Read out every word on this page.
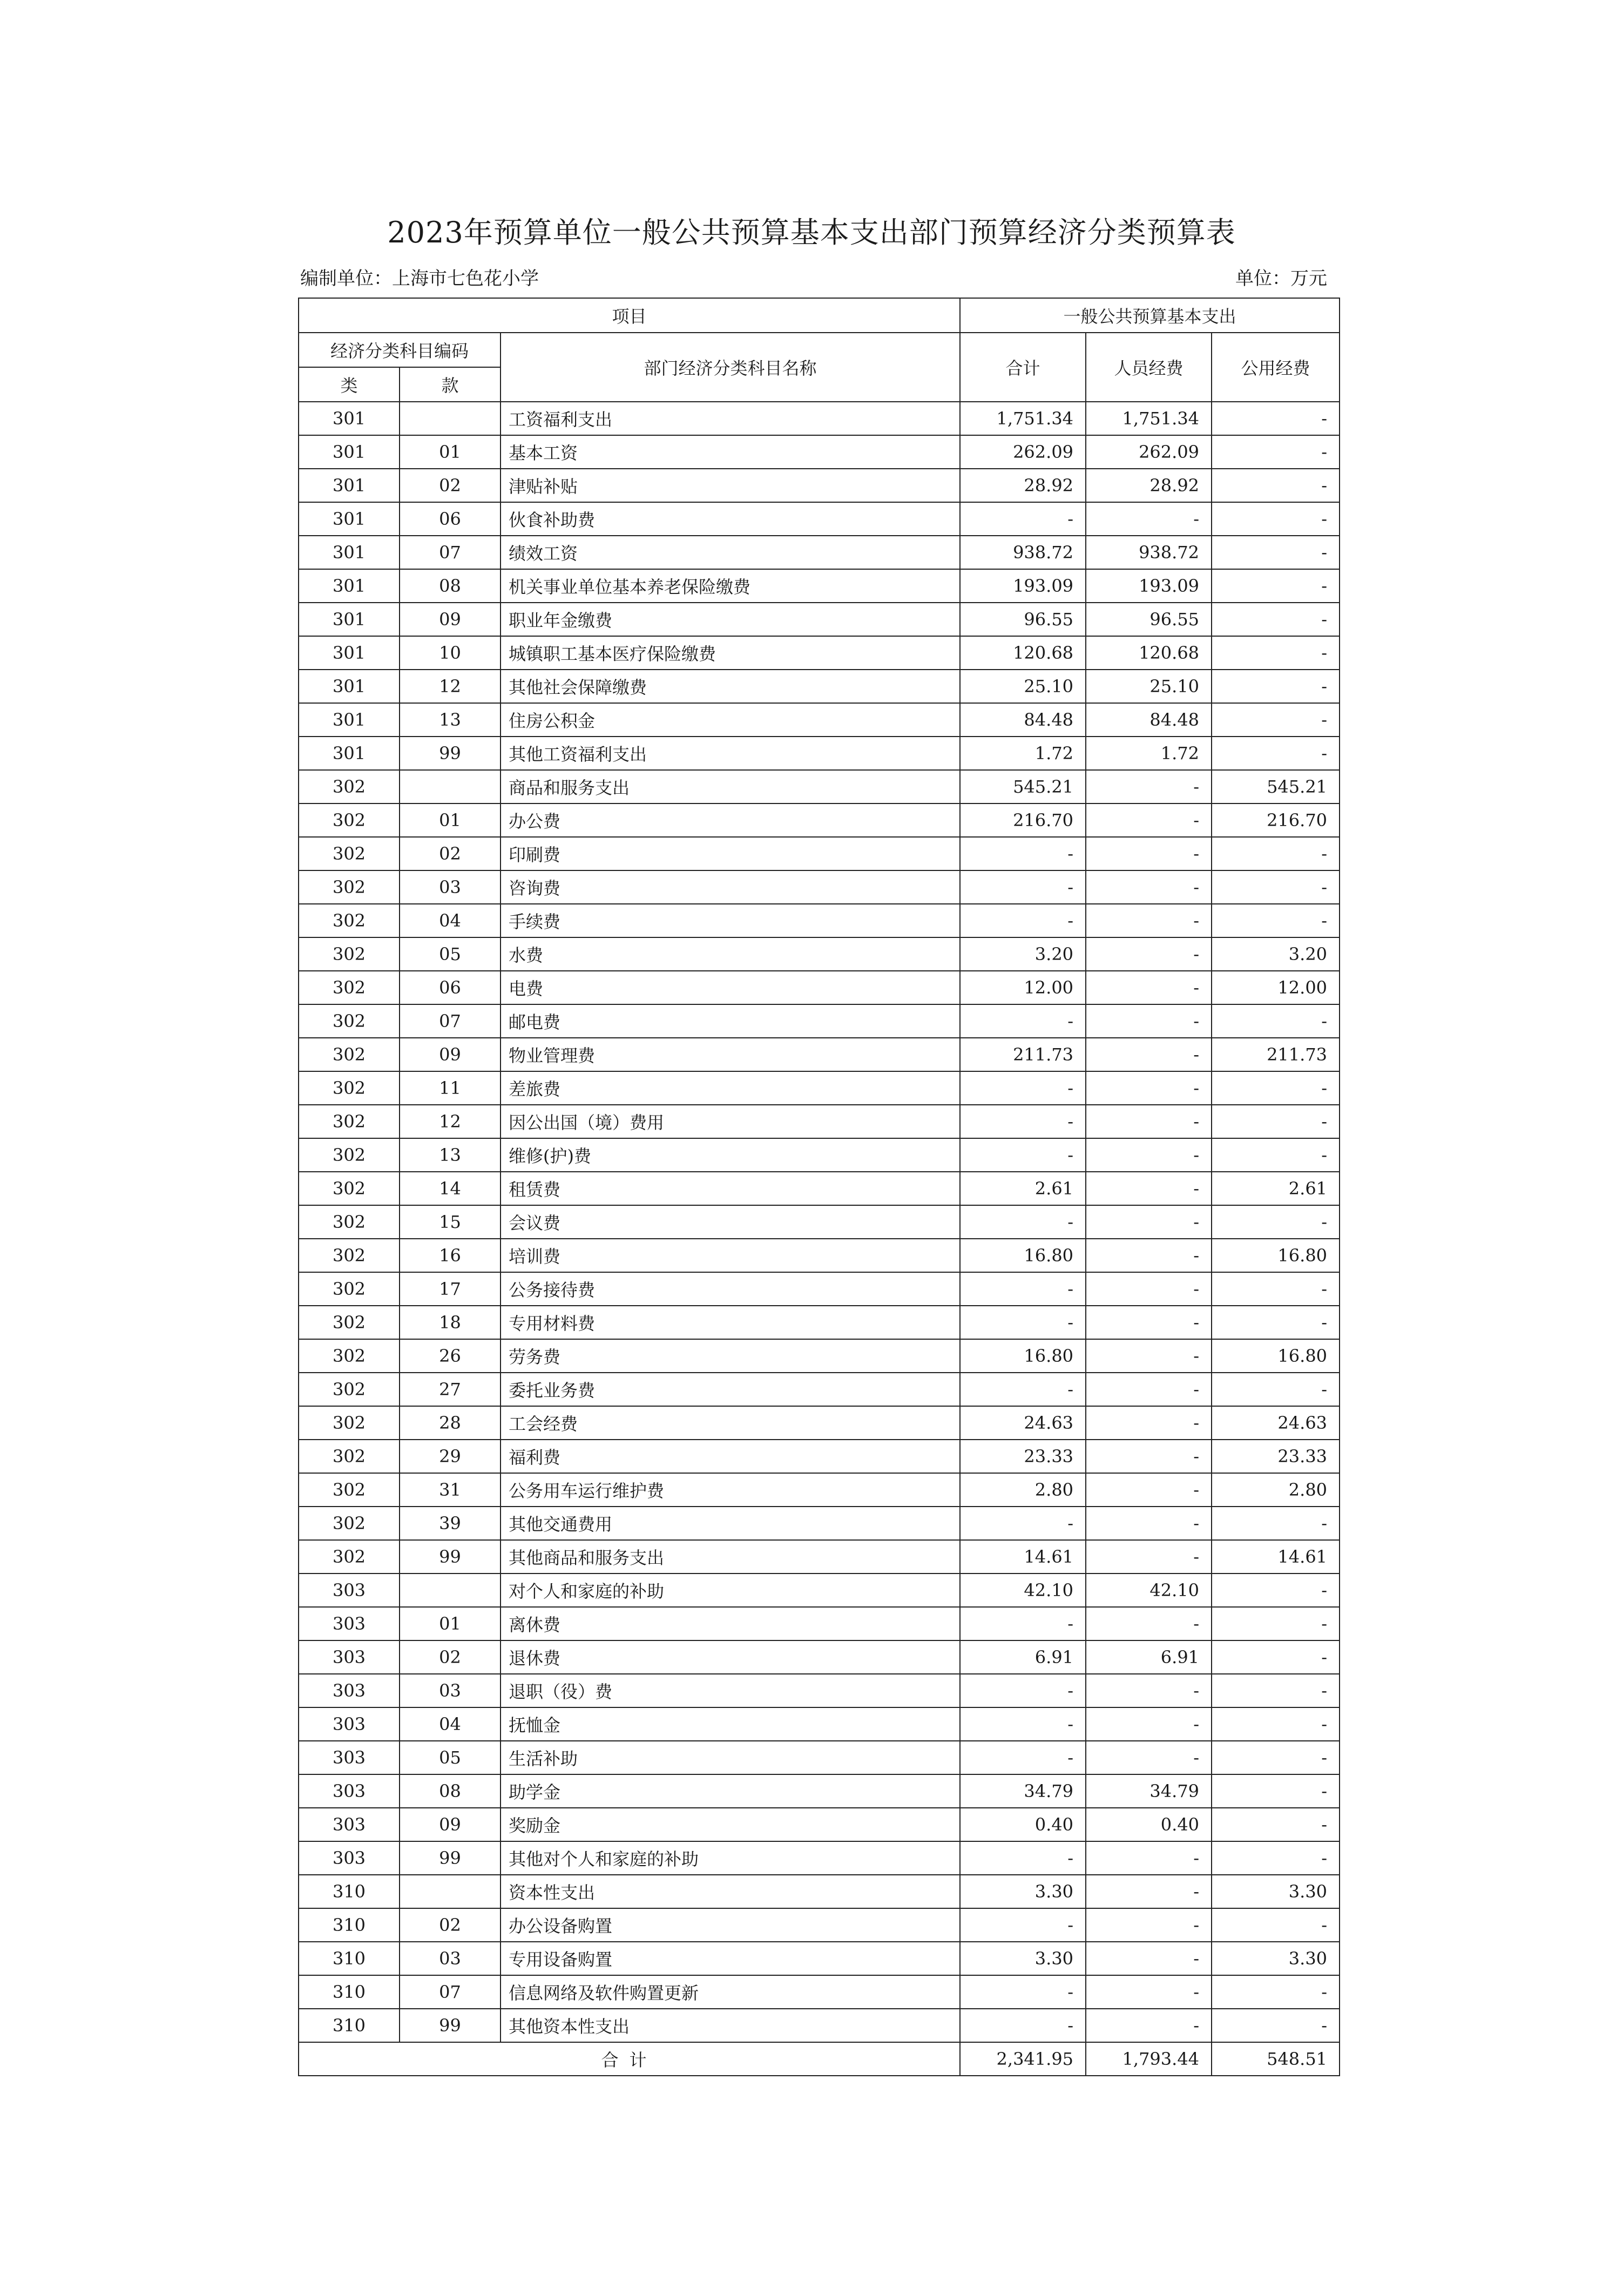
2023年预算单位一般公共预算基本支出部门预算经济分类预算表
编制单位：上海市七色花小学	单位：万元
项目			一般公共预算基本支出		
经济分类科目编码		部门经济分类科目名称	合计	人员经费	公用经费
类	款				
301		工资福利支出	1,751.34	1,751.34	-
301	01	基本工资	262.09	262.09	-
301	02	津贴补贴	28.92	28.92	-
301	06	伙食补助费	-	-	-
301	07	绩效工资	938.72	938.72	-
301	08	机关事业单位基本养老保险缴费	193.09	193.09	-
301	09	职业年金缴费	96.55	96.55	-
301	10	城镇职工基本医疗保险缴费	120.68	120.68	-
301	12	其他社会保障缴费	25.10	25.10	-
301	13	住房公积金	84.48	84.48	-
301	99	其他工资福利支出	1.72	1.72	-
302		商品和服务支出	545.21	-	545.21
302	01	办公费	216.70	-	216.70
302	02	印刷费	-	-	-
302	03	咨询费	-	-	-
302	04	手续费	-	-	-
302	05	水费	3.20	-	3.20
302	06	电费	12.00	-	12.00
302	07	邮电费	-	-	-
302	09	物业管理费	211.73	-	211.73
302	11	差旅费	-	-	-
302	12	因公出国（境）费用	-	-	-
302	13	维修(护)费	-	-	-
302	14	租赁费	2.61	-	2.61
302	15	会议费	-	-	-
302	16	培训费	16.80	-	16.80
302	17	公务接待费	-	-	-
302	18	专用材料费	-	-	-
302	26	劳务费	16.80	-	16.80
302	27	委托业务费	-	-	-
302	28	工会经费	24.63	-	24.63
302	29	福利费	23.33	-	23.33
302	31	公务用车运行维护费	2.80	-	2.80
302	39	其他交通费用	-	-	-
302	99	其他商品和服务支出	14.61	-	14.61
303		对个人和家庭的补助	42.10	42.10	-
303	01	离休费	-	-	-
303	02	退休费	6.91	6.91	-
303	03	退职（役）费	-	-	-
303	04	抚恤金	-	-	-
303	05	生活补助	-	-	-
303	08	助学金	34.79	34.79	-
303	09	奖励金	0.40	0.40	-
303	99	其他对个人和家庭的补助	-	-	-
310		资本性支出	3.30	-	3.30
310	02	办公设备购置	-	-	-
310	03	专用设备购置	3.30	-	3.30
310	07	信息网络及软件购置更新	-	-	-
310	99	其他资本性支出	-	-	-
合计			2,341.95	1,793.44	548.51
